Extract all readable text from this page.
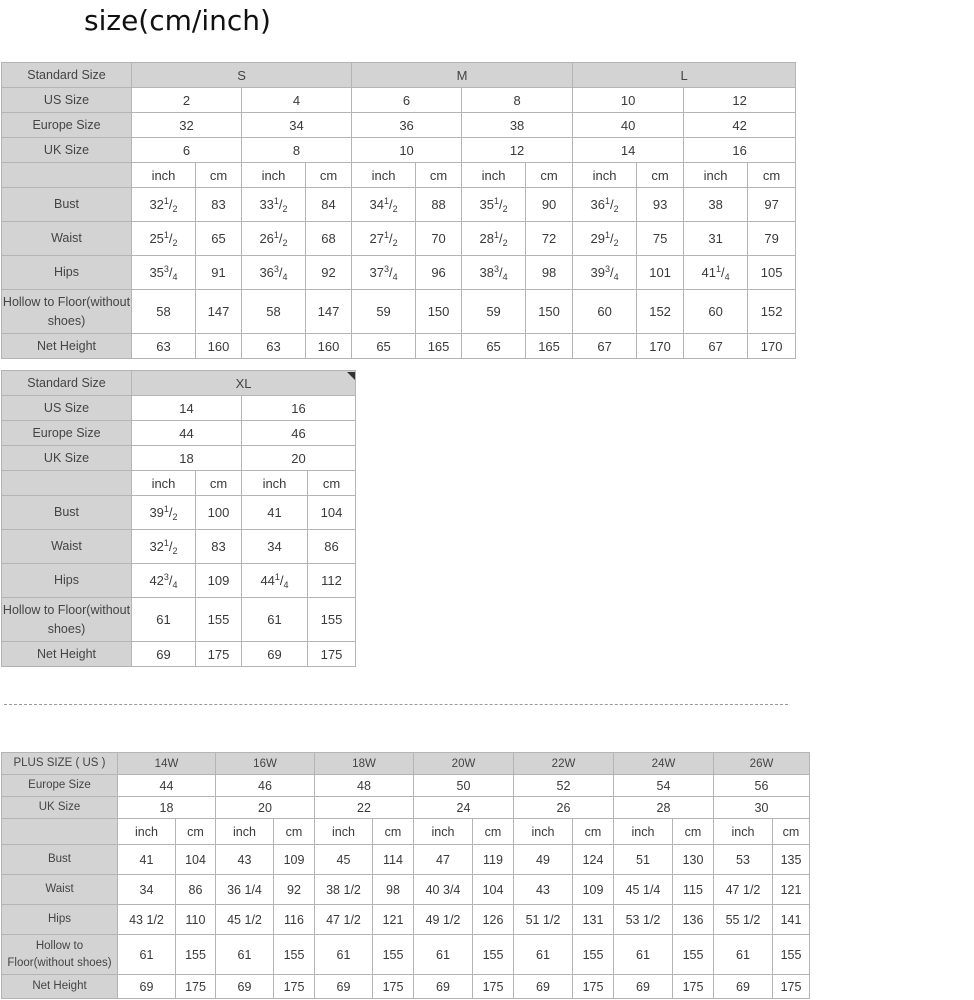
size(cm/inch)
Standard Size	S				M				L			
US Size	2		4		6		8		10		12	
Europe Size	32		34		36		38		40		42	
UK Size	6		8		10		12		14		16	
	inch	cm	inch	cm	inch	cm	inch	cm	inch	cm	inch	cm
Bust	$32^1/_2$	83	$33^1/_2$	84	$34^1/_2$	88	$35^1/_2$	90	$36^1/_2$	93	38	97
Waist	$25^1/_2$	65	$26^1/_2$	68	$27^1/_2$	70	$28^1/_2$	72	$29^1/_2$	75	31	79
Hips	$35^3/_4$	91	$36^3/_4$	92	$37^3/_4$	96	$38^3/_4$	98	$39^3/_4$	101	$41^1/_4$	105
Hollow to Floor(without shoes)	58	147	58	147	59	150	59	150	60	152	60	152
Net Height	63	160	63	160	65	165	65	165	67	170	67	170
Standard Size	XL			
US Size	14		16	
Europe Size	44		46	
UK Size	18		20	
	inch	cm	inch	cm
Bust	$39^1/_2$	100	41	104
Waist	$32^1/_2$	83	34	86
Hips	$42^3/_4$	109	$44^1/_4$	112
Hollow to Floor(without shoes)	61	155	61	155
Net Height	69	175	69	175
PLUS SIZE ( US )	14W		16W		18W		20W		22W		24W		26W	
Europe Size	44		46		48		50		52		54		56	
UK Size	18		20		22		24		26		28		30	
	inch	cm	inch	cm	inch	cm	inch	cm	inch	cm	inch	cm	inch	cm
Bust	41	104	43	109	45	114	47	119	49	124	51	130	53	135
Waist	34	86	36 1/4	92	38 1/2	98	40 3/4	104	43	109	45 1/4	115	47 1/2	121
Hips	43 1/2	110	45 1/2	116	47 1/2	121	49 1/2	126	51 1/2	131	53 1/2	136	55 1/2	141
Hollow to Floor(without shoes)	61	155	61	155	61	155	61	155	61	155	61	155	61	155
Net Height	69	175	69	175	69	175	69	175	69	175	69	175	69	175
